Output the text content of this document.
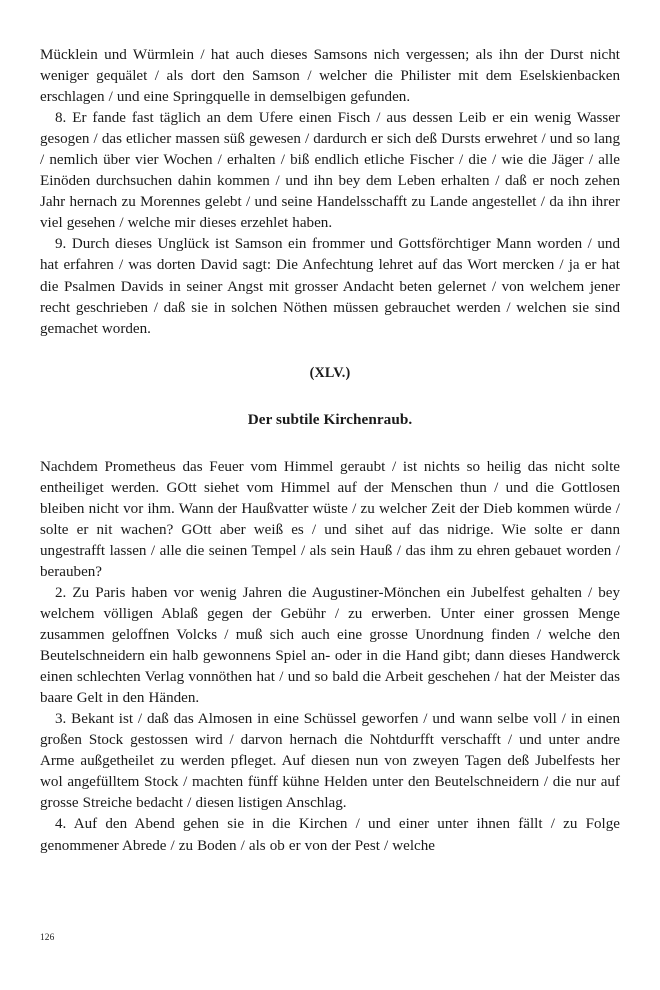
Mücklein und Würmlein / hat auch dieses Samsons nich vergessen; als ihn der Durst nicht weniger gequälet / als dort den Samson / welcher die Philister mit dem Eselskienbacken erschlagen / und eine Springquelle in demselbigen gefunden.

8. Er fande fast täglich an dem Ufere einen Fisch / aus dessen Leib er ein wenig Wasser gesogen / das etlicher massen süß gewesen / dardurch er sich deß Dursts erwehret / und so lang / nemlich über vier Wochen / erhalten / biß endlich etliche Fischer / die / wie die Jäger / alle Einöden durchsuchen dahin kommen / und ihn bey dem Leben erhalten / daß er noch zehen Jahr hernach zu Morennes gelebt / und seine Handelsschafft zu Lande angestellet / da ihn ihrer viel gesehen / welche mir dieses erzehlet haben.

9. Durch dieses Unglück ist Samson ein frommer und Gottsförchtiger Mann worden / und hat erfahren / was dorten David sagt: Die Anfechtung lehret auf das Wort mercken / ja er hat die Psalmen Davids in seiner Angst mit grosser Andacht beten gelernet / von welchem jener recht geschrieben / daß sie in solchen Nöthen müssen gebrauchet werden / welchen sie sind gemachet worden.

(XLV.)
Der subtile Kirchenraub.

Nachdem Prometheus das Feuer vom Himmel geraubt / ist nichts so heilig das nicht solte entheiliget werden. GOtt siehet vom Himmel auf der Menschen thun / und die Gottlosen bleiben nicht vor ihm. Wann der Haußvatter wüste / zu welcher Zeit der Dieb kommen würde / solte er nit wachen? GOtt aber weiß es / und sihet auf das nidrige. Wie solte er dann ungestrafft lassen / alle die seinen Tempel / als sein Hauß / das ihm zu ehren gebauet worden / berauben?

2. Zu Paris haben vor wenig Jahren die Augustiner-Mönchen ein Jubelfest gehalten / bey welchem völligen Ablaß gegen der Gebühr / zu erwerben. Unter einer grossen Menge zusammen geloffnen Volcks / muß sich auch eine grosse Unordnung finden / welche den Beutelschneidern ein halb gewonnens Spiel an- oder in die Hand gibt; dann dieses Handwerck einen schlechten Verlag vonnöthen hat / und so bald die Arbeit geschehen / hat der Meister das baare Gelt in den Händen.

3. Bekant ist / daß das Almosen in eine Schüssel geworfen / und wann selbe voll / in einen großen Stock gestossen wird / darvon hernach die Nohtdurfft verschafft / und unter andre Arme außgetheilet zu werden pfleget. Auf diesen nun von zweyen Tagen deß Jubelfests her wol angefülltem Stock / machten fünff kühne Helden unter den Beutelschneidern / die nur auf grosse Streiche bedacht / diesen listigen Anschlag.

4. Auf den Abend gehen sie in die Kirchen / und einer unter ihnen fällt / zu Folge genommener Abrede / zu Boden / als ob er von der Pest / welche

126
